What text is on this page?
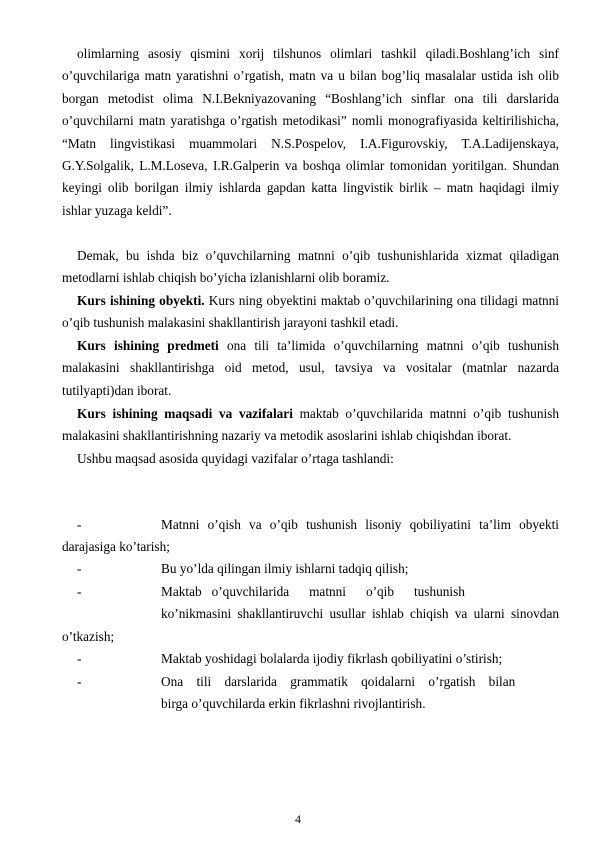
olimlarning asosiy qismini xorij tilshunos olimlari tashkil qiladi.Boshlang’ich sinf o’quvchilariga matn yaratishni o’rgatish, matn va u bilan bog’liq masalalar ustida ish olib borgan metodist olima N.I.Bekniyazovaning “Boshlang’ich sinflar ona tili darslarida o’quvchilarni matn yaratishga o’rgatish metodikasi” nomli monografiyasida keltirilishicha, “Matn lingvistikasi muammolari N.S.Pospelov, I.A.Figurovskiy, T.A.Ladijenskaya, G.Y.Solgalik, L.M.Loseva, I.R.Galperin va boshqa olimlar tomonidan yoritilgan. Shundan keyingi olib borilgan ilmiy ishlarda gapdan katta lingvistik birlik – matn haqidagi ilmiy ishlar yuzaga keldi”.
Demak, bu ishda biz o’quvchilarning matnni o’qib tushunishlarida xizmat qiladigan metodlarni ishlab chiqish bo’yicha izlanishlarni olib boramiz.
Kurs ishining obyekti. Kurs ning obyektini maktab o’quvchilarining ona tilidagi matnni o’qib tushunish malakasini shakllantirish jarayoni tashkil etadi.
Kurs ishining predmeti ona tili ta’limida o’quvchilarning matnni o’qib tushunish malakasini shakllantirishga oid metod, usul, tavsiya va vositalar (matnlar nazarda tutilyapti)dan iborat.
Kurs ishining maqsadi va vazifalari maktab o’quvchilarida matnni o’qib tushunish malakasini shakllantirishning nazariy va metodik asoslarini ishlab chiqishdan iborat.
Ushbu maqsad asosida quyidagi vazifalar o’rtaga tashlandi:
-	Matnni o’qish va o’qib tushunish lisoniy qobiliyatini ta’lim obyekti darajasiga ko’tarish;
-	Bu yo’lda qilingan ilmiy ishlarni tadqiq qilish;
-	Maktab   o’quvchilarida      matnni      o’qib      tushunish
ko’nikmasini shakllantiruvchi usullar ishlab chiqish va ularni sinovdan o’tkazish;
-	Maktab yoshidagi bolalarda ijodiy fikrlash qobiliyatini o’stirish;
-	Ona    tili    darslarida    grammatik    qoidalarni    o’rgatish    bilan
birga o’quvchilarda erkin fikrlashni rivojlantirish.
4
